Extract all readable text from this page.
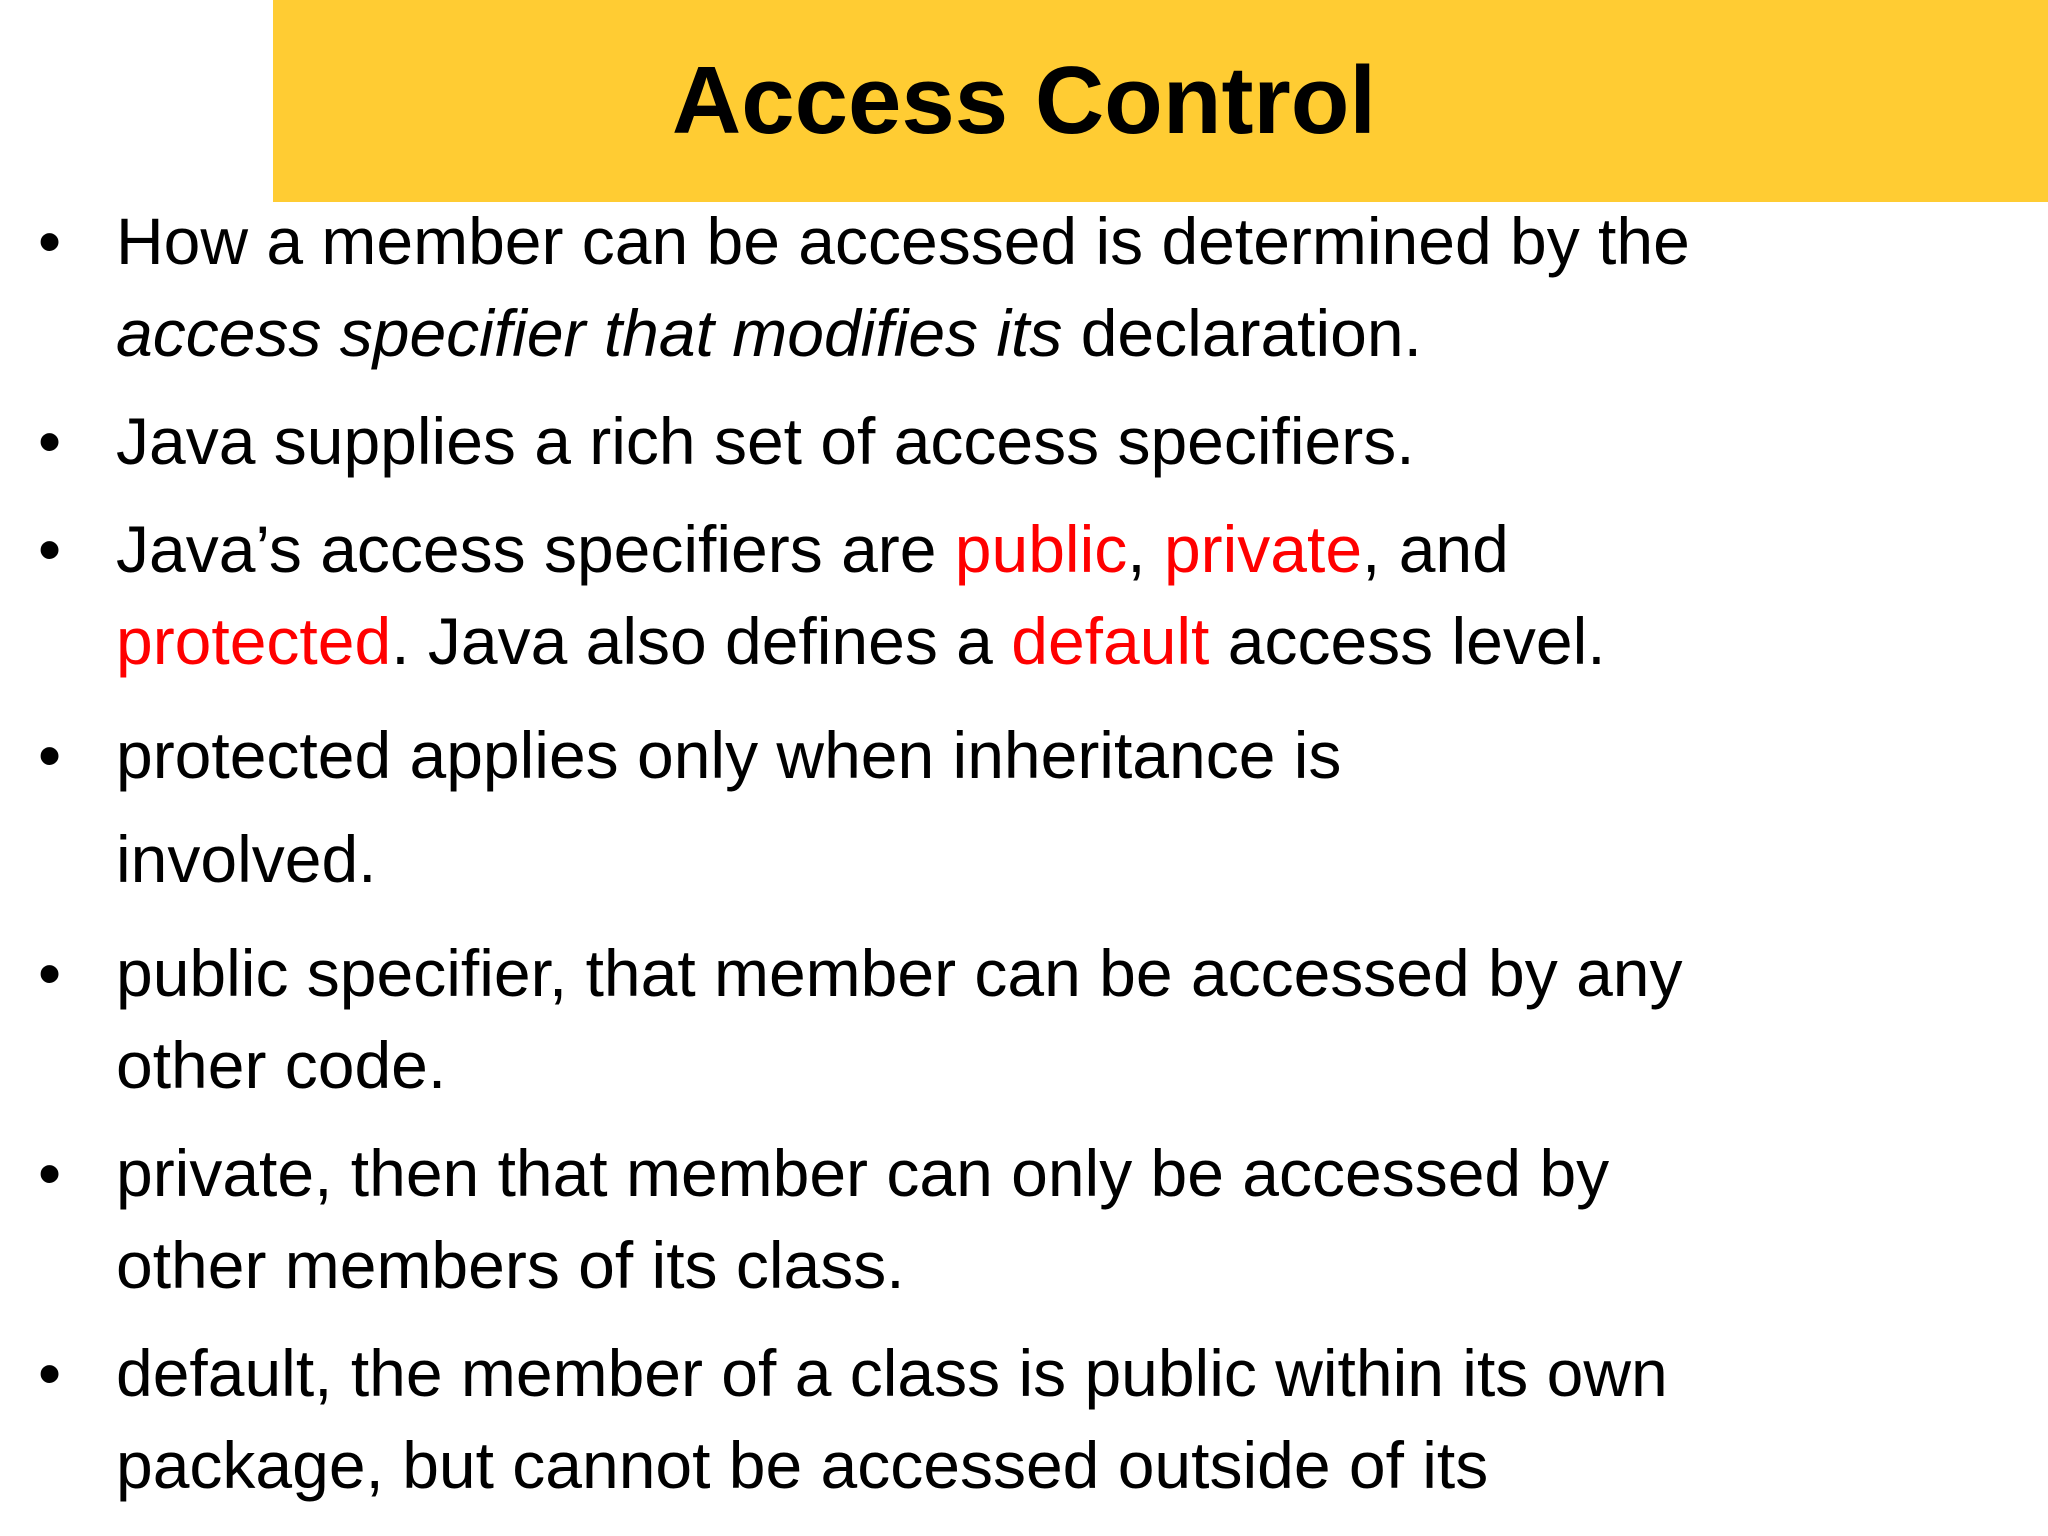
Access Control
• How a member can be accessed is determined by the
access specifier that modifies its declaration.
• Java supplies a rich set of access specifiers.
• Java’s access specifiers are public, private, and
protected. Java also defines a default access level.
• protected applies only when inheritance is
involved.
• public specifier, that member can be accessed by any
other code.
• private, then that member can only be accessed by
other members of its class.
• default, the member of a class is public within its own
package, but cannot be accessed outside of its
